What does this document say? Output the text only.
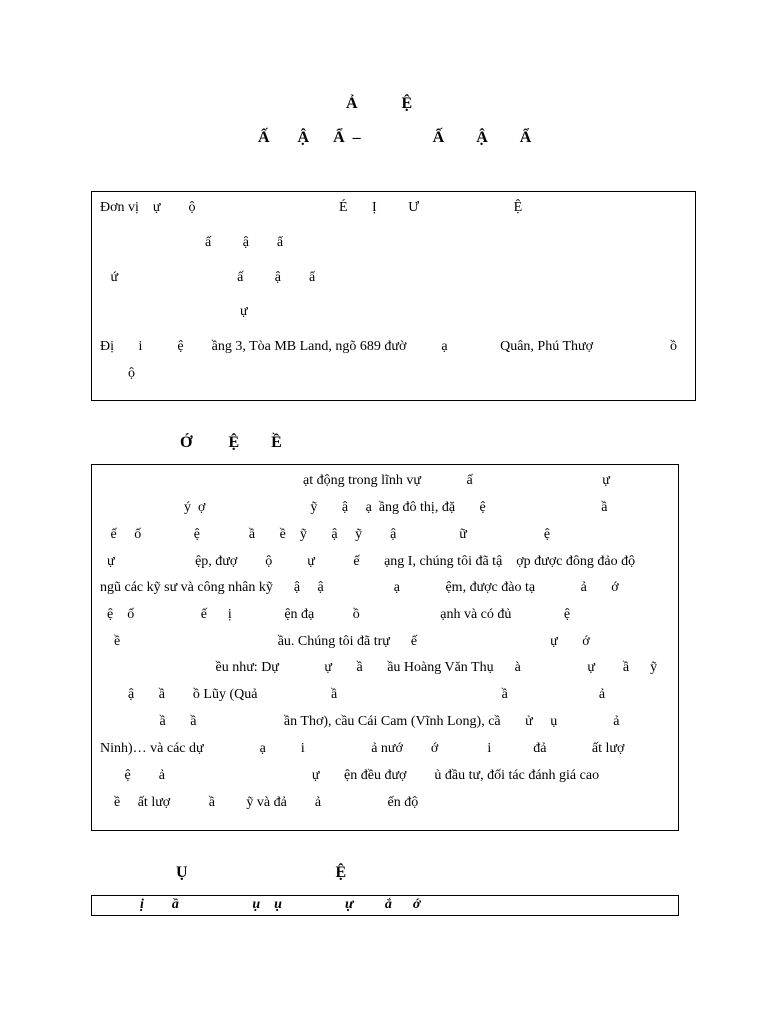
Ả           Ệ
Ấ       Ậ      Ẩ  –                  Ấ        Ậ        Ẩ
Đơn vị    ự        ộ                                         É       Ị         Ư                           Ệ
ấ         ậ        ẩ
ứ                                  ấ         ậ        ẩ
ự
Đị       i          ệ        ầng 3, Tòa MB Land, ngõ 689 đườ          ạ               Quân, Phú Thượ                      ồ
ộ
Ớ         Ệ        Ề
ạt động trong lĩnh vự             ấ                                     ự
ý  ợ                              ỹ       ậ     ạ  ầng đô thị, đặ       ệ                                 ầ
ế     ố               ệ              ầ       ề    ỹ       ậ     ỹ        ậ                  ữ                      ệ
ự                       ệp, đượ        ộ          ự           ế       ạng I, chúng tôi đã tậ    ợp được đông đảo độ
ngũ các kỹ sư và công nhân kỹ      ậ     ậ                    ạ             ệm, được đào tạ             ả       ớ
ệ    ố                   ế      ị               ện đạ           ồ                       ạnh và có đủ               ệ
ề                                             ầu. Chúng tôi đã trự      ế                                      ự       ớ
ều như: Dự             ự       ầ       ầu Hoàng Văn Thụ      à                   ự        ầ      ỹ
ậ       ầ        ồ Lũy (Quả                     ầ                                               ầ                          ả
ầ       ầ                         ần Thơ), cầu Cái Cam (Vĩnh Long), cầ       ử     ụ                ả
Ninh)… và các dự                ạ          i                   ả nướ        ớ              i            đả             ất lượ
ệ        ả                                          ự       ện đều đượ        ủ đầu tư, đối tác đánh giá cao
ề     ất lượ           ầ         ỹ và đả        ả                   ến độ
Ụ                                     Ệ
ị        ầ                     ụ    ụ                  ự         ắ      ớ
